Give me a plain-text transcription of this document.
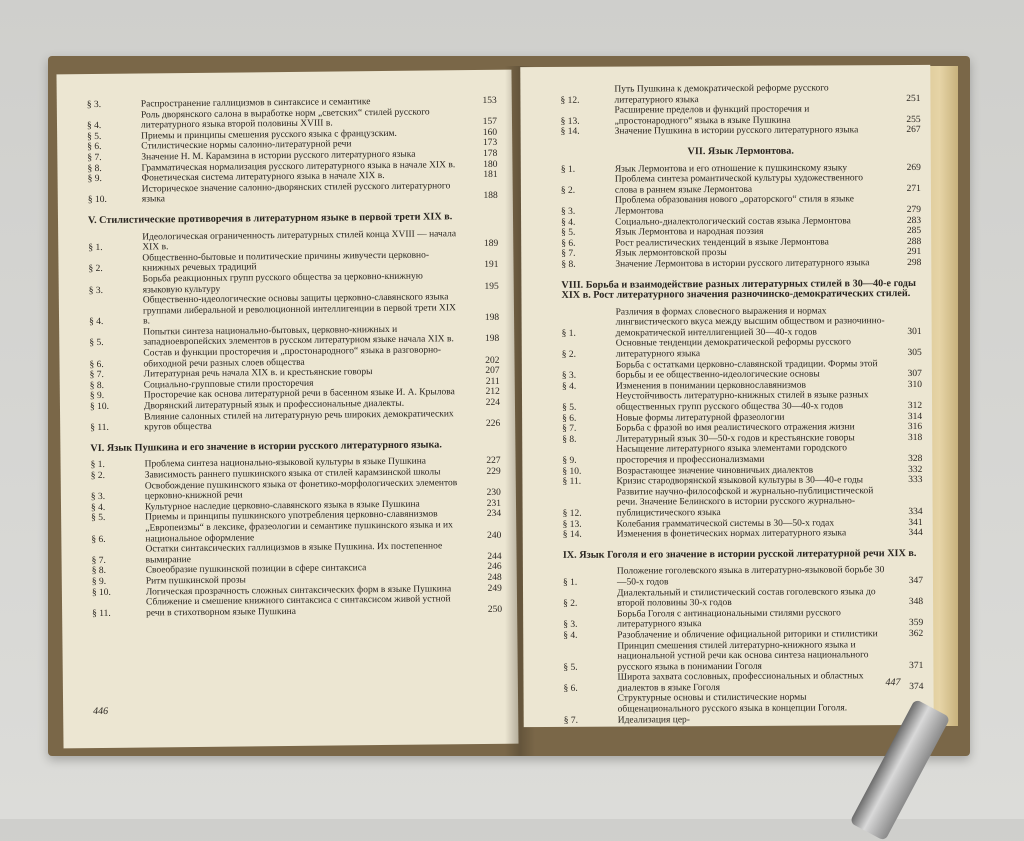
§ 3.	Распространение галлицизмов в синтаксисе и семантике	153
§ 4.
Роль дворянского салона в выработке норм „светских“ стилей русского литературного языка второй половины XVIII в.	157
§ 5.	Приемы и принципы смешения русского языка с французским.	160
§ 6.	Стилистические нормы салонно-литературной речи	173
§ 7.	Значение Н. М. Карамзина в истории русского литературного языка	178
§ 8.	Грамматическая нормализация русского литературного языка в начале XIX в.	180
§ 9.	Фонетическая система литературного языка в начале XIX в.	181
§ 10.
Историческое значение салонно-дворянских стилей русского литературного языка	188
V. Стилистические противоречия в литературном языке в первой трети XIX в.
§ 1.
Идеологическая ограниченность литературных стилей конца XVIII — начала XIX в.	189
§ 2.
Общественно-бытовые и политические причины живучести церковно-книжных речевых традиций	191
§ 3.
Борьба реакционных групп русского общества за церковно-книжную языковую культуру	195
§ 4.
Общественно-идеологические основы защиты церковно-славянского языка группами либеральной и революционной интеллигенции в первой трети XIX в.	198
§ 5.
Попытки синтеза национально-бытовых, церковно-книжных и западноевропейских элементов в русском литературном языке начала XIX в.	198
§ 6.
Состав и функции просторечия и „простонародного“ языка в разговорно-обиходной речи разных слоев общества	202
§ 7.	Литературная речь начала XIX в. и крестьянские говоры	207
§ 8.	Социально-групповые стили просторечия	211
§ 9.	Просторечие как основа литературной речи в басенном языке И. А. Крылова	212
§ 10.	Дворянский литературный язык и профессиональные диалекты.	224
§ 11.
Влияние салонных стилей на литературную речь широких демократических кругов общества	226
VI. Язык Пушкина и его значение в истории русского литературного языка.
§ 1.	Проблема синтеза национально-языковой культуры в языке Пушкина	227
§ 2.	Зависимость раннего пушкинского языка от стилей карамзинской школы	229
§ 3.
Освобождение пушкинского языка от фонетико-морфологических элементов церковно-книжной речи	230
§ 4.	Культурное наследие церковно-славянского языка в языке Пушкина	231
§ 5.	Приемы и принципы пушкинского употребления церковно-славянизмов	234
§ 6.
„Европеизмы“ в лексике, фразеологии и семантике пушкинского языка и их национальное оформление	240
§ 7.
Остатки синтаксических галлицизмов в языке Пушкина. Их постепенное вымирание	244
§ 8.	Своеобразие пушкинской позиции в сфере синтаксиса	246
§ 9.	Ритм пушкинской прозы	248
§ 10.	Логическая прозрачность сложных синтаксических форм в языке Пушкина	249
§ 11.
Сближение и смешение книжного синтаксиса с синтаксисом живой устной речи в стихотворном языке Пушкина	250
446
§ 12.
Путь Пушкина к демократической реформе русского литературного языка	251
§ 13.
Расширение пределов и функций просторечия и „простонародного“ языка в языке Пушкина	255
§ 14.	Значение Пушкина в истории русского литературного языка	267
VII. Язык Лермонтова.
§ 1.	Язык Лермонтова и его отношение к пушкинскому языку	269
§ 2.
Проблема синтеза романтической культуры художественного слова в раннем языке Лермонтова	271
§ 3.
Проблема образования нового „ораторского“ стиля в языке Лермонтова	279
§ 4.	Социально-диалектологический состав языка Лермонтова	283
§ 5.	Язык Лермонтова и народная поэзия	285
§ 6.	Рост реалистических тенденций в языке Лермонтова	288
§ 7.	Язык лермонтовской прозы	291
§ 8.	Значение Лермонтова в истории русского литературного языка	298
VIII. Борьба и взаимодействие разных литературных стилей в 30—40-е годы XIX в. Рост литературного значения разночинско-демократических стилей.
§ 1.
Различия в формах словесного выражения и нормах лингвистического вкуса между высшим обществом и разночинно-демократической интеллигенцией 30—40-х годов	301
§ 2.
Основные тенденции демократической реформы русского литературного языка	305
§ 3.
Борьба с остатками церковно-славянской традиции. Формы этой борьбы и ее общественно-идеологические основы	307
§ 4.	Изменения в понимании церковнославянизмов	310
§ 5.
Неустойчивость литературно-книжных стилей в языке разных общественных групп русского общества 30—40-х годов	312
§ 6.	Новые формы литературной фразеологии	314
§ 7.	Борьба с фразой во имя реалистического отражения жизни	316
§ 8.	Литературный язык 30—50-х годов и крестьянские говоры	318
§ 9.
Насыщение литературного языка элементами городского просторечия и профессионализмами	328
§ 10.	Возрастающее значение чиновничьих диалектов	332
§ 11.	Кризис стародворянской языковой культуры в 30—40-е годы	333
§ 12.
Развитие научно-философской и журнально-публицистической речи. Значение Белинского в истории русского журнально-публицистического языка	334
§ 13.	Колебания грамматической системы в 30—50-х годах	341
§ 14.	Изменения в фонетических нормах литературного языка	344
IX. Язык Гоголя и его значение в истории русской литературной речи XIX в.
§ 1.
Положение гоголевского языка в литературно-языковой борьбе 30—50-х годов	347
§ 2.
Диалектальный и стилистический состав гоголевского языка до второй половины 30-х годов	348
§ 3.
Борьба Гоголя с антинациональными стилями русского литературного языка	359
§ 4.	Разоблачение и обличение официальной риторики и стилистики	362
§ 5.
Принцип смешения стилей литературно-книжного языка и национальной устной речи как основа синтеза национального русского языка в понимании Гоголя	371
§ 6.
Широта захвата сословных, профессиональных и областных диалектов в языке Гоголя	374
§ 7.
Структурные основы и стилистические нормы общенационального русского языка в концепции Гоголя. Идеализация цер-
447
